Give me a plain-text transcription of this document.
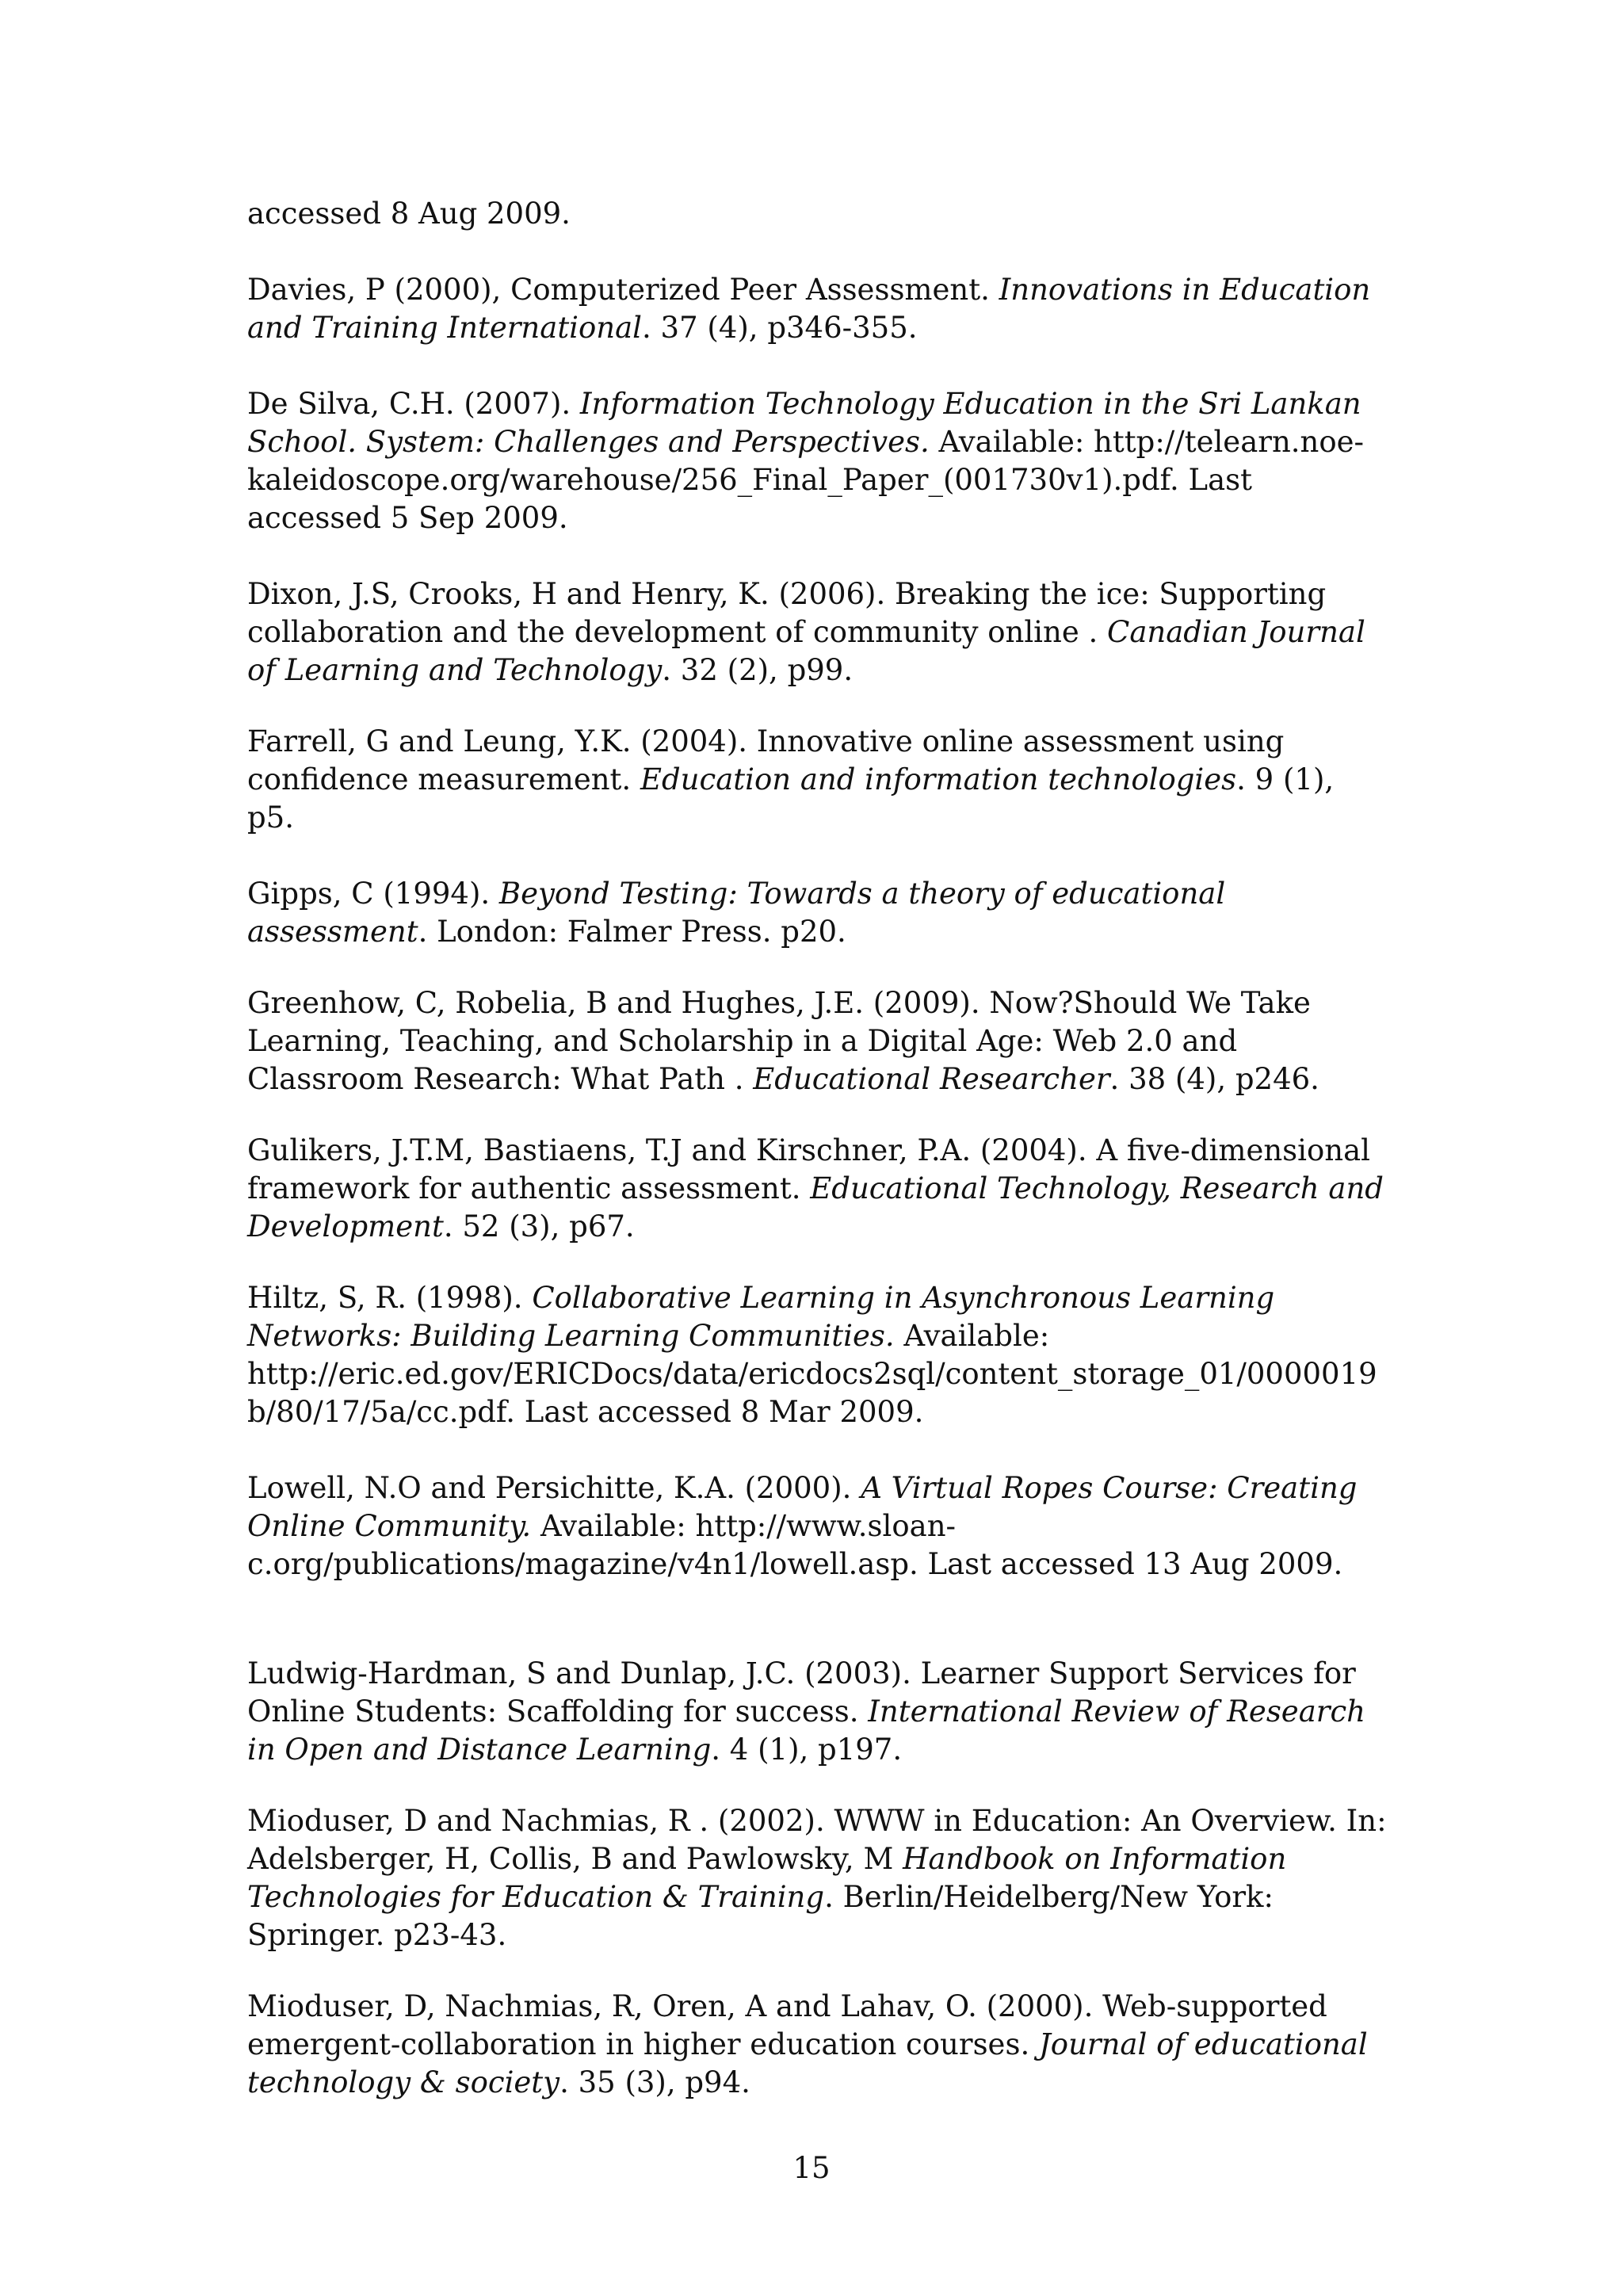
accessed 8 Aug 2009.

Davies, P (2000), Computerized Peer Assessment. Innovations in Education and Training International. 37 (4), p346-355.

De Silva, C.H. (2007). Information Technology Education in the Sri Lankan School. System: Challenges and Perspectives. Available: http://telearn.noe-kaleidoscope.org/warehouse/256_Final_Paper_(001730v1).pdf. Last accessed 5 Sep 2009.

Dixon, J.S, Crooks, H and Henry, K. (2006). Breaking the ice: Supporting collaboration and the development of community online . Canadian Journal of Learning and Technology. 32 (2), p99.

Farrell, G and Leung, Y.K. (2004). Innovative online assessment using confidence measurement. Education and information technologies. 9 (1), p5.

Gipps, C (1994). Beyond Testing: Towards a theory of educational assessment. London: Falmer Press. p20.

Greenhow, C, Robelia, B and Hughes, J.E. (2009). Now?Should We Take Learning, Teaching, and Scholarship in a Digital Age: Web 2.0 and Classroom Research: What Path . Educational Researcher. 38 (4), p246.

Gulikers, J.T.M, Bastiaens, T.J and Kirschner, P.A. (2004). A five-dimensional framework for authentic assessment. Educational Technology, Research and Development. 52 (3), p67.

Hiltz, S, R. (1998). Collaborative Learning in Asynchronous Learning Networks: Building Learning Communities. Available: http://eric.ed.gov/ERICDocs/data/ericdocs2sql/content_storage_01/0000019b/80/17/5a/cc.pdf. Last accessed 8 Mar 2009.

Lowell, N.O and Persichitte, K.A. (2000). A Virtual Ropes Course: Creating Online Community. Available: http://www.sloan-c.org/publications/magazine/v4n1/lowell.asp. Last accessed 13 Aug 2009.

Ludwig-Hardman, S and Dunlap, J.C. (2003). Learner Support Services for Online Students: Scaffolding for success. International Review of Research in Open and Distance Learning. 4 (1), p197.

Mioduser, D and Nachmias, R . (2002). WWW in Education: An Overview. In: Adelsberger, H, Collis, B and Pawlowsky, M Handbook on Information Technologies for Education & Training. Berlin/Heidelberg/New York: Springer. p23-43.

Mioduser, D, Nachmias, R, Oren, A and Lahav, O. (2000). Web-supported emergent-collaboration in higher education courses. Journal of educational technology & society. 35 (3), p94.

15
